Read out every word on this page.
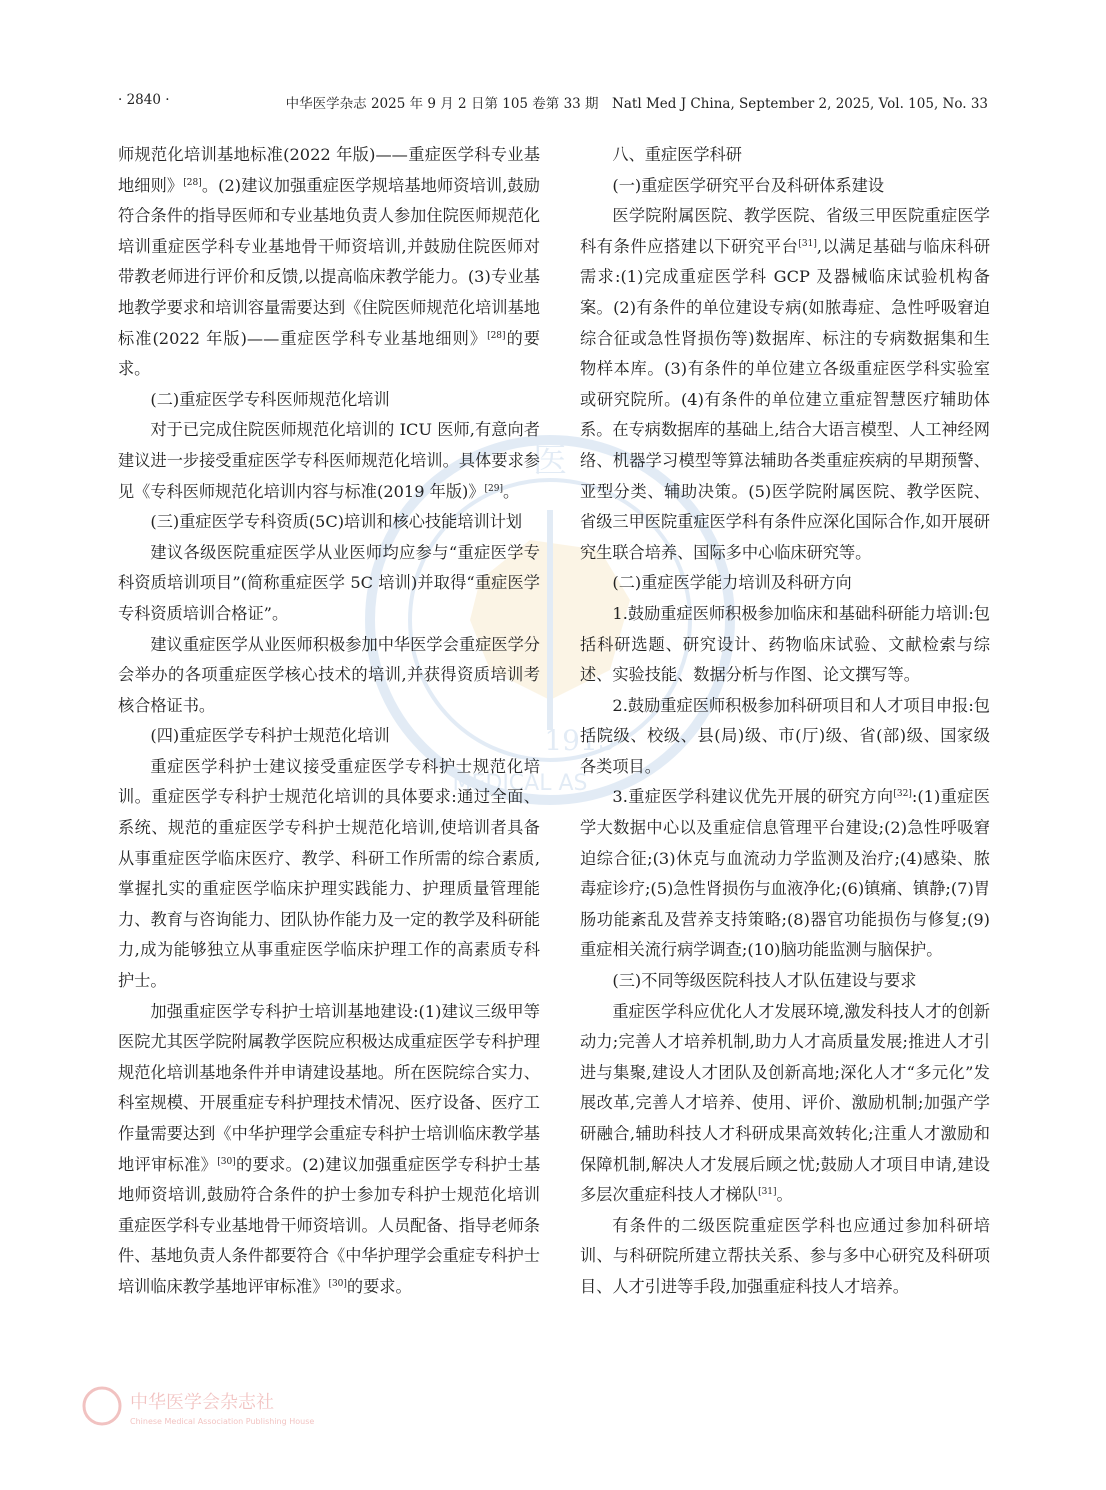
· 2840 ·	中华医学杂志 2025 年 9 月 2 日第 105 卷第 33 期　Natl Med J China, September 2, 2025, Vol. 105, No. 33
医
1915
MEDICAL AS

师规范化培训基地标准(2022 年版)——重症医学科专业基地细则》[28]。(2)建议加强重症医学规培基地师资培训,鼓励符合条件的指导医师和专业基地负责人参加住院医师规范化培训重症医学科专业基地骨干师资培训,并鼓励住院医师对带教老师进行评价和反馈,以提高临床教学能力。(3)专业基地教学要求和培训容量需要达到《住院医师规范化培训基地标准(2022 年版)——重症医学科专业基地细则》[28]的要求。

(二)重症医学专科医师规范化培训

对于已完成住院医师规范化培训的 ICU 医师,有意向者建议进一步接受重症医学专科医师规范化培训。具体要求参见《专科医师规范化培训内容与标准(2019 年版)》[29]。

(三)重症医学专科资质(5C)培训和核心技能培训计划

建议各级医院重症医学从业医师均应参与“重症医学专科资质培训项目”(简称重症医学 5C 培训)并取得“重症医学专科资质培训合格证”。

建议重症医学从业医师积极参加中华医学会重症医学分会举办的各项重症医学核心技术的培训,并获得资质培训考核合格证书。

(四)重症医学专科护士规范化培训

重症医学科护士建议接受重症医学专科护士规范化培训。重症医学专科护士规范化培训的具体要求:通过全面、系统、规范的重症医学专科护士规范化培训,使培训者具备从事重症医学临床医疗、教学、科研工作所需的综合素质,掌握扎实的重症医学临床护理实践能力、护理质量管理能力、教育与咨询能力、团队协作能力及一定的教学及科研能力,成为能够独立从事重症医学临床护理工作的高素质专科护士。

加强重症医学专科护士培训基地建设:(1)建议三级甲等医院尤其医学院附属教学医院应积极达成重症医学专科护理规范化培训基地条件并申请建设基地。所在医院综合实力、科室规模、开展重症专科护理技术情况、医疗设备、医疗工作量需要达到《中华护理学会重症专科护士培训临床教学基地评审标准》[30]的要求。(2)建议加强重症医学专科护士基地师资培训,鼓励符合条件的护士参加专科护士规范化培训重症医学科专业基地骨干师资培训。人员配备、指导老师条件、基地负责人条件都要符合《中华护理学会重症专科护士培训临床教学基地评审标准》[30]的要求。

八、重症医学科研
(一)重症医学研究平台及科研体系建设

医学院附属医院、教学医院、省级三甲医院重症医学科有条件应搭建以下研究平台[31],以满足基础与临床科研需求:(1)完成重症医学科 GCP 及器械临床试验机构备案。(2)有条件的单位建设专病(如脓毒症、急性呼吸窘迫综合征或急性肾损伤等)数据库、标注的专病数据集和生物样本库。(3)有条件的单位建立各级重症医学科实验室或研究院所。(4)有条件的单位建立重症智慧医疗辅助体系。在专病数据库的基础上,结合大语言模型、人工神经网络、机器学习模型等算法辅助各类重症疾病的早期预警、亚型分类、辅助决策。(5)医学院附属医院、教学医院、省级三甲医院重症医学科有条件应深化国际合作,如开展研究生联合培养、国际多中心临床研究等。

(二)重症医学能力培训及科研方向

1.鼓励重症医师积极参加临床和基础科研能力培训:包括科研选题、研究设计、药物临床试验、文献检索与综述、实验技能、数据分析与作图、论文撰写等。

2.鼓励重症医师积极参加科研项目和人才项目申报:包括院级、校级、县(局)级、市(厅)级、省(部)级、国家级各类项目。

3.重症医学科建议优先开展的研究方向[32]:(1)重症医学大数据中心以及重症信息管理平台建设;(2)急性呼吸窘迫综合征;(3)休克与血流动力学监测及治疗;(4)感染、脓毒症诊疗;(5)急性肾损伤与血液净化;(6)镇痛、镇静;(7)胃肠功能紊乱及营养支持策略;(8)器官功能损伤与修复;(9)重症相关流行病学调查;(10)脑功能监测与脑保护。

(三)不同等级医院科技人才队伍建设与要求

重症医学科应优化人才发展环境,激发科技人才的创新动力;完善人才培养机制,助力人才高质量发展;推进人才引进与集聚,建设人才团队及创新高地;深化人才“多元化”发展改革,完善人才培养、使用、评价、激励机制;加强产学研融合,辅助科技人才科研成果高效转化;注重人才激励和保障机制,解决人才发展后顾之忧;鼓励人才项目申请,建设多层次重症科技人才梯队[31]。

有条件的二级医院重症医学科也应通过参加科研培训、与科研院所建立帮扶关系、参与多中心研究及科研项目、人才引进等手段,加强重症科技人才培养。

中华医学会杂志社
Chinese Medical Association Publishing House
